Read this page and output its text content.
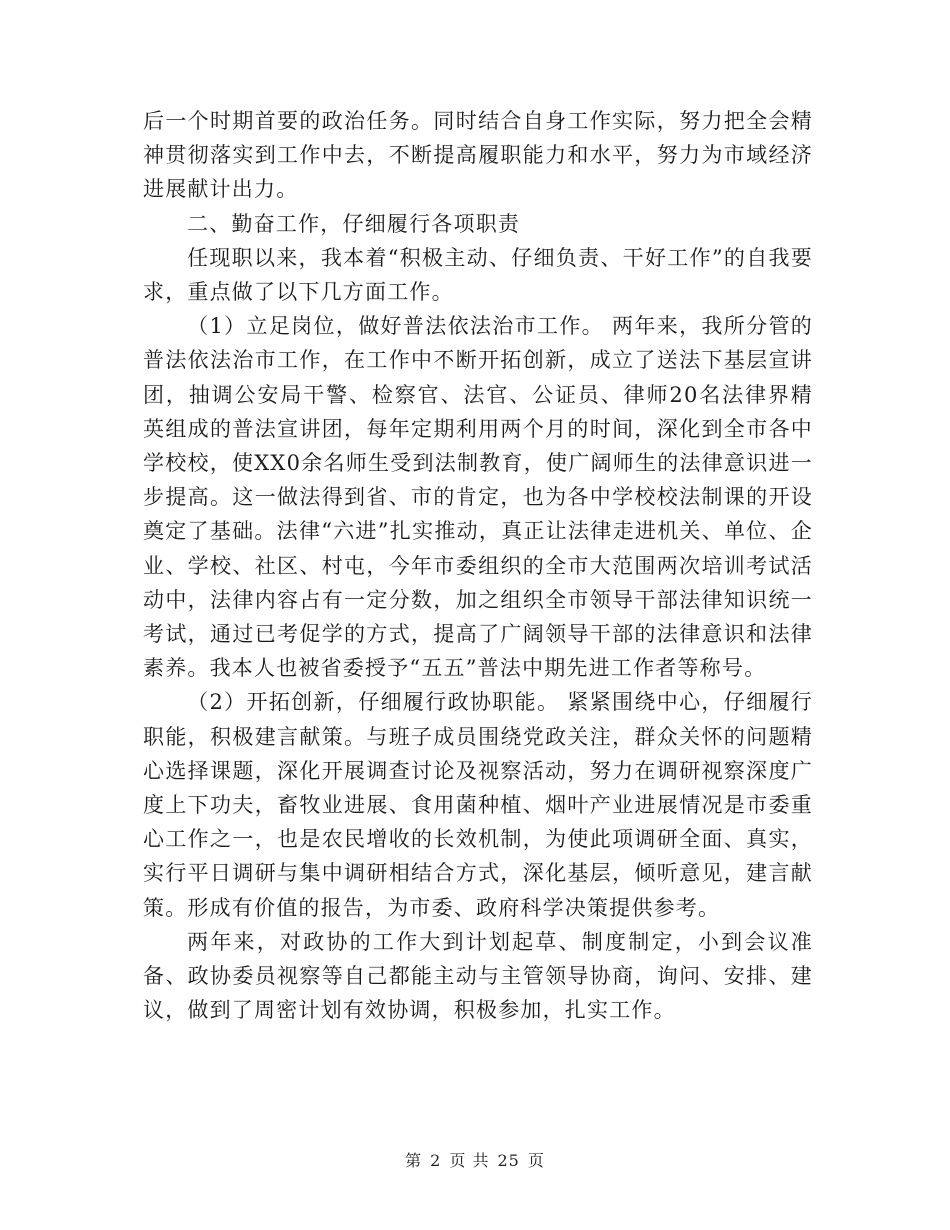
后一个时期首要的政治任务。同时结合自身工作实际，努力把全会精神贯彻落实到工作中去，不断提高履职能力和水平，努力为市域经济进展献计出力。

二、勤奋工作，仔细履行各项职责

任现职以来，我本着“积极主动、仔细负责、干好工作”的自我要求，重点做了以下几方面工作。

（1）立足岗位，做好普法依法治市工作。 两年来，我所分管的普法依法治市工作，在工作中不断开拓创新，成立了送法下基层宣讲团，抽调公安局干警、检察官、法官、公证员、律师20名法律界精英组成的普法宣讲团，每年定期利用两个月的时间，深化到全市各中学校校，使XX0余名师生受到法制教育，使广阔师生的法律意识进一步提高。这一做法得到省、市的肯定，也为各中学校校法制课的开设奠定了基础。法律“六进”扎实推动，真正让法律走进机关、单位、企业、学校、社区、村屯，今年市委组织的全市大范围两次培训考试活动中，法律内容占有一定分数，加之组织全市领导干部法律知识统一考试，通过已考促学的方式，提高了广阔领导干部的法律意识和法律素养。我本人也被省委授予“五五”普法中期先进工作者等称号。

（2）开拓创新，仔细履行政协职能。 紧紧围绕中心，仔细履行职能，积极建言献策。与班子成员围绕党政关注，群众关怀的问题精心选择课题，深化开展调查讨论及视察活动，努力在调研视察深度广度上下功夫，畜牧业进展、食用菌种植、烟叶产业进展情况是市委重心工作之一，也是农民增收的长效机制，为使此项调研全面、真实，实行平日调研与集中调研相结合方式，深化基层，倾听意见，建言献策。形成有价值的报告，为市委、政府科学决策提供参考。

两年来，对政协的工作大到计划起草、制度制定，小到会议准备、政协委员视察等自己都能主动与主管领导协商，询问、安排、建议，做到了周密计划有效协调，积极参加，扎实工作。

第 2 页 共 25 页
